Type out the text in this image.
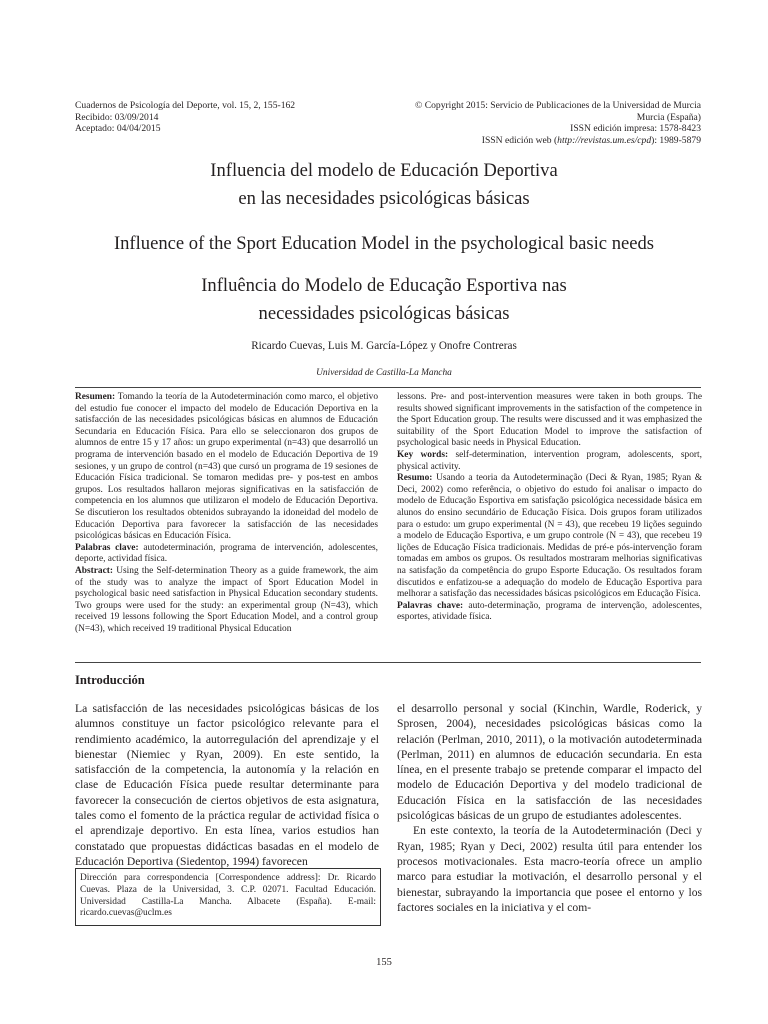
Cuadernos de Psicología del Deporte, vol. 15, 2, 155-162
Recibido: 03/09/2014
Aceptado: 04/04/2015
© Copyright 2015: Servicio de Publicaciones de la Universidad de Murcia
Murcia (España)
ISSN edición impresa: 1578-8423
ISSN edición web (http://revistas.um.es/cpd): 1989-5879
Influencia del modelo de Educación Deportiva
en las necesidades psicológicas básicas
Influence of the Sport Education Model in the psychological basic needs
Influência do Modelo de Educação Esportiva nas
necessidades psicológicas básicas
Ricardo Cuevas, Luis M. García-López y Onofre Contreras
Universidad de Castilla-La Mancha

Resumen: Tomando la teoría de la Autodeterminación como marco, el objetivo del estudio fue conocer el impacto del modelo de Educación Deportiva en la satisfacción de las necesidades psicológicas básicas en alumnos de Educación Secundaria en Educación Física. Para ello se seleccionaron dos grupos de alumnos de entre 15 y 17 años: un grupo experimental (n=43) que desarrolló un programa de intervención basado en el modelo de Educación Deportiva de 19 sesiones, y un grupo de control (n=43) que cursó un programa de 19 sesiones de Educación Física tradicional. Se tomaron medidas pre- y pos-test en ambos grupos. Los resultados hallaron mejoras significativas en la satisfacción de competencia en los alumnos que utilizaron el modelo de Educación Deportiva. Se discutieron los resultados obtenidos subrayando la idoneidad del modelo de Educación Deportiva para favorecer la satisfacción de las necesidades psicológicas básicas en Educación Física.

Palabras clave: autodeterminación, programa de intervención, adolescentes, deporte, actividad física.

Abstract: Using the Self-determination Theory as a guide framework, the aim of the study was to analyze the impact of Sport Education Model in psychological basic need satisfaction in Physical Education secondary students. Two groups were used for the study: an experimental group (N=43), which received 19 lessons following the Sport Education Model, and a control group (N=43), which received 19 traditional Physical Education

lessons. Pre- and post-intervention measures were taken in both groups. The results showed significant improvements in the satisfaction of the competence in the Sport Education group. The results were discussed and it was emphasized the suitability of the Sport Education Model to improve the satisfaction of psychological basic needs in Physical Education.

Key words: self-determination, intervention program, adolescents, sport, physical activity.

Resumo: Usando a teoria da Autodeterminação (Deci & Ryan, 1985; Ryan & Deci, 2002) como referência, o objetivo do estudo foi analisar o impacto do modelo de Educação Esportiva em satisfação psicológica necessidade básica em alunos do ensino secundário de Educação Física. Dois grupos foram utilizados para o estudo: um grupo experimental (N = 43), que recebeu 19 lições seguindo a modelo de Educação Esportiva, e um grupo controle (N = 43), que recebeu 19 lições de Educação Física tradicionais. Medidas de pré-e pós-intervenção foram tomadas em ambos os grupos. Os resultados mostraram melhorias significativas na satisfação da competência do grupo Esporte Educação. Os resultados foram discutidos e enfatizou-se a adequação do modelo de Educação Esportiva para melhorar a satisfação das necessidades básicas psicológicos em Educação Física.

Palavras chave: auto-determinação, programa de intervenção, adolescentes, esportes, atividade física.

Introducción

La satisfacción de las necesidades psicológicas básicas de los alumnos constituye un factor psicológico relevante para el rendimiento académico, la autorregulación del aprendizaje y el bienestar (Niemiec y Ryan, 2009). En este sentido, la satisfacción de la competencia, la autonomía y la relación en clase de Educación Física puede resultar determinante para favorecer la consecución de ciertos objetivos de esta asignatura, tales como el fomento de la práctica regular de actividad física o el aprendizaje deportivo. En esta línea, varios estudios han constatado que propuestas didácticas basadas en el modelo de Educación Deportiva (Siedentop, 1994) favorecen

el desarrollo personal y social (Kinchin, Wardle, Roderick, y Sprosen, 2004), necesidades psicológicas básicas como la relación (Perlman, 2010, 2011), o la motivación autodeterminada (Perlman, 2011) en alumnos de educación secundaria. En esta línea, en el presente trabajo se pretende comparar el impacto del modelo de Educación Deportiva y del modelo tradicional de Educación Física en la satisfacción de las necesidades psicológicas básicas de un grupo de estudiantes adolescentes.

En este contexto, la teoría de la Autodeterminación (Deci y Ryan, 1985; Ryan y Deci, 2002) resulta útil para entender los procesos motivacionales. Esta macro-teoría ofrece un amplio marco para estudiar la motivación, el desarrollo personal y el bienestar, subrayando la importancia que posee el entorno y los factores sociales en la iniciativa y el com-

Dirección para correspondencia [Correspondence address]: Dr. Ricardo Cuevas. Plaza de la Universidad, 3. C.P. 02071. Facultad Educación. Universidad Castilla-La Mancha. Albacete (España). E-mail: ricardo.cuevas@uclm.es
155
